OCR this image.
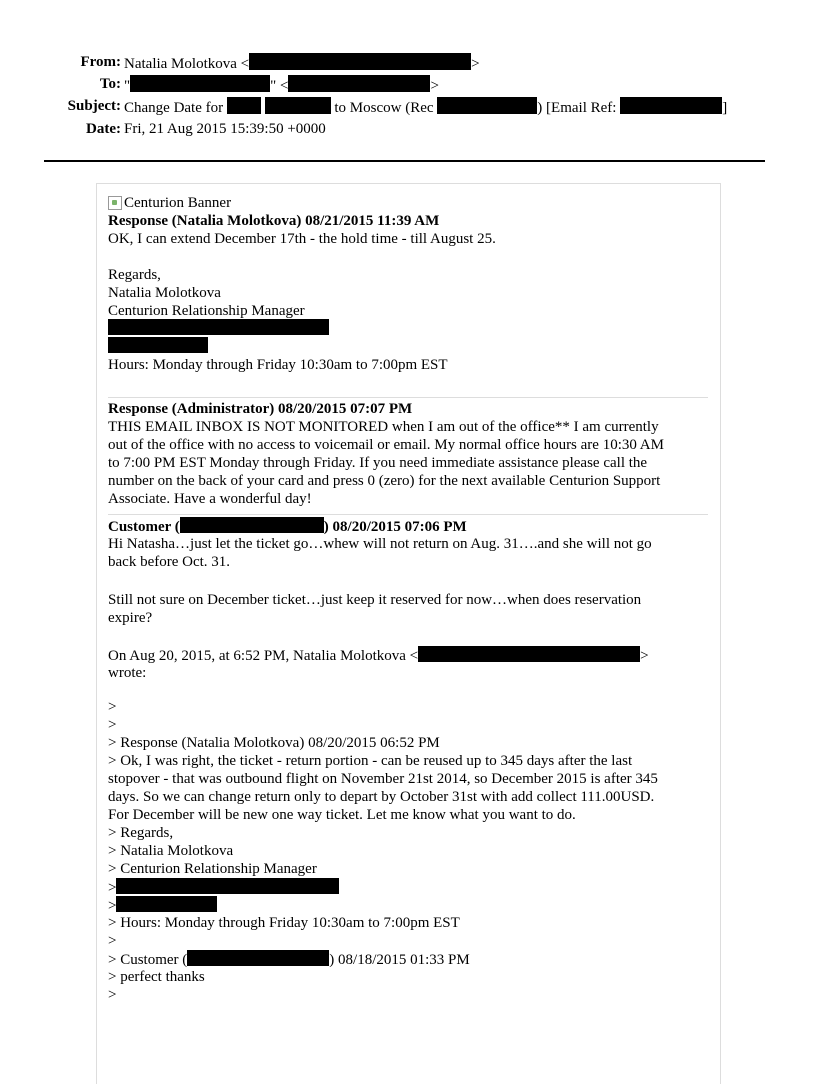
From: Natalia Molotkova <	>
To: "	" <	>
Subject: Change Date for	to Moscow (Rec	) [Email Ref:	]
Date: Fri, 21 Aug 2015 15:39:50 +0000
Centurion Banner
Response (Natalia Molotkova) 08/21/2015 11:39 AM
OK, I can extend December 17th - the hold time - till August 25.
Regards,
Natalia Molotkova
Centurion Relationship Manager
Hours: Monday through Friday 10:30am to 7:00pm EST
Response (Administrator) 08/20/2015 07:07 PM
THIS EMAIL INBOX IS NOT MONITORED when I am out of the office** I am currently
out of the office with no access to voicemail or email. My normal office hours are 10:30 AM
to 7:00 PM EST Monday through Friday. If you need immediate assistance please call the
number on the back of your card and press 0 (zero) for the next available Centurion Support
Associate. Have a wonderful day!
Customer (	) 08/20/2015 07:06 PM
Hi Natasha…just let the ticket go…whew will not return on Aug. 31….and she will not go
back before Oct. 31.
Still not sure on December ticket…just keep it reserved for now…when does reservation
expire?
On Aug 20, 2015, at 6:52 PM, Natalia Molotkova <	>
wrote:
>
>
> Response (Natalia Molotkova) 08/20/2015 06:52 PM
> Ok, I was right, the ticket - return portion - can be reused up to 345 days after the last
stopover - that was outbound flight on November 21st 2014, so December 2015 is after 345
days. So we can change return only to depart by October 31st with add collect 111.00USD.
For December will be new one way ticket. Let me know what you want to do.
> Regards,
> Natalia Molotkova
> Centurion Relationship Manager
>
>
> Hours: Monday through Friday 10:30am to 7:00pm EST
>
> Customer (	) 08/18/2015 01:33 PM
> perfect thanks
>
